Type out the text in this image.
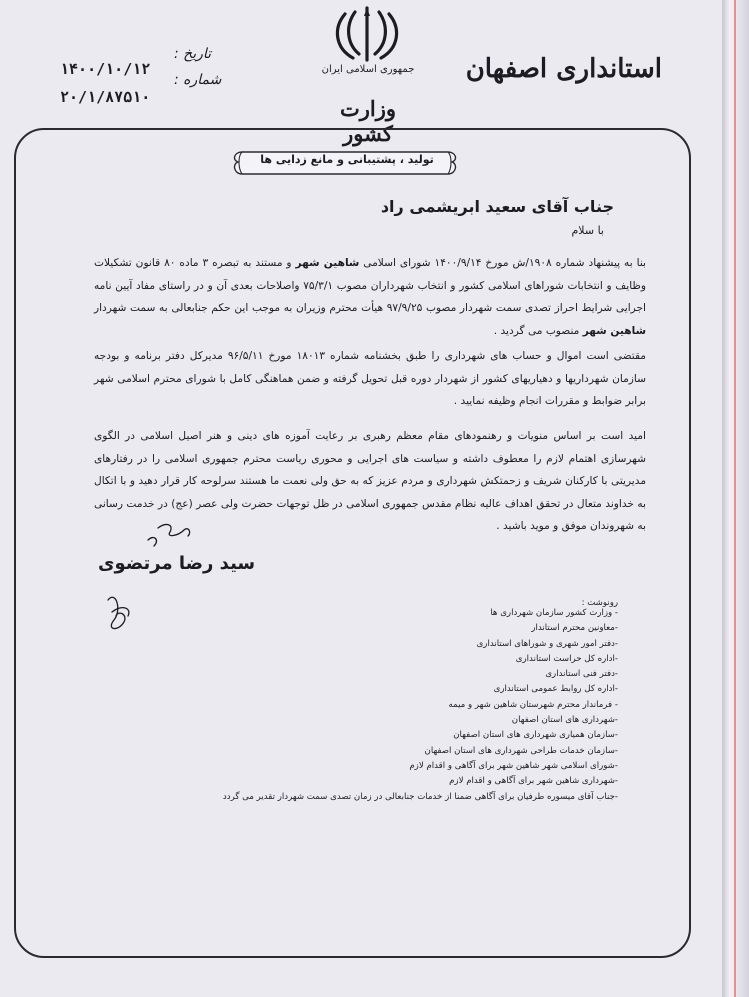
استانداری اصفهان
جمهوری اسلامی ایران
وزارت کشور
تاریخ :
شماره :
۱۴۰۰/۱۰/۱۲
۲۰/۱/۸۷۵۱۰
تولید ، پشتیبانی و مانع زدایی ها
جناب آقای سعید ابریشمی راد
با سلام
بنا به پیشنهاد شماره ۱۹۰۸/ش مورخ ۱۴۰۰/۹/۱۴ شورای اسلامی شاهین شهر و مستند به تبصره ۳ ماده ۸۰ قانون تشکیلات وظایف و انتخابات شوراهای اسلامی کشور و انتخاب شهرداران مصوب ۷۵/۳/۱ واصلاحات بعدی آن و در راستای مفاد آیین نامه اجرایی شرایط احراز تصدی سمت شهردار مصوب ۹۷/۹/۲۵ هیأت محترم وزیران به موجب این حکم جنابعالی به سمت شهردار شاهین شهر منصوب می گردید .
مقتضی است اموال و حساب های شهرداری را طبق بخشنامه شماره ۱۸۰۱۳ مورخ ۹۶/۵/۱۱ مدیرکل دفتر برنامه و بودجه سازمان شهرداریها و دهیاریهای کشور از شهردار دوره قبل تحویل گرفته و ضمن هماهنگی کامل با شورای محترم اسلامی شهر برابر ضوابط و مقررات انجام وظیفه نمایید .
امید است بر اساس منویات و رهنمودهای مقام معظم رهبری بر رعایت آموزه های دینی و هنر اصیل اسلامی در الگوی شهرسازی اهتمام لازم را معطوف داشته و سیاست های اجرایی و محوری ریاست محترم جمهوری اسلامی را در رفتارهای مدیریتی با کارکنان شریف و زحمتکش شهرداری و مردم عزیز که به حق ولی نعمت ما هستند سرلوحه کار قرار دهید و با اتکال به خداوند متعال در تحقق اهداف عالیه نظام مقدس جمهوری اسلامی در ظل توجهات حضرت ولی عصر (عج) در خدمت رسانی به شهروندان موفق و موید باشید .
سید رضا مرتضوی
رونوشت :
- وزارت کشور سازمان شهرداری ها
-معاونین محترم استاندار
-دفتر امور شهری و شوراهای استانداری
-اداره کل حراست استانداری
-دفتر فنی استانداری
-اداره کل روابط عمومی استانداری
- فرماندار محترم شهرستان شاهین شهر و میمه
-شهرداری های استان اصفهان
-سازمان همیاری شهرداری های استان اصفهان
-سازمان خدمات طراحی شهرداری های استان اصفهان
-شورای اسلامی شهر شاهین شهر برای آگاهی و اقدام لازم
-شهرداری شاهین شهر برای آگاهی و اقدام لازم
-جناب آقای میسوره طرفیان برای آگاهی ضمنا از خدمات جنابعالی در زمان تصدی سمت شهردار تقدیر می گردد
